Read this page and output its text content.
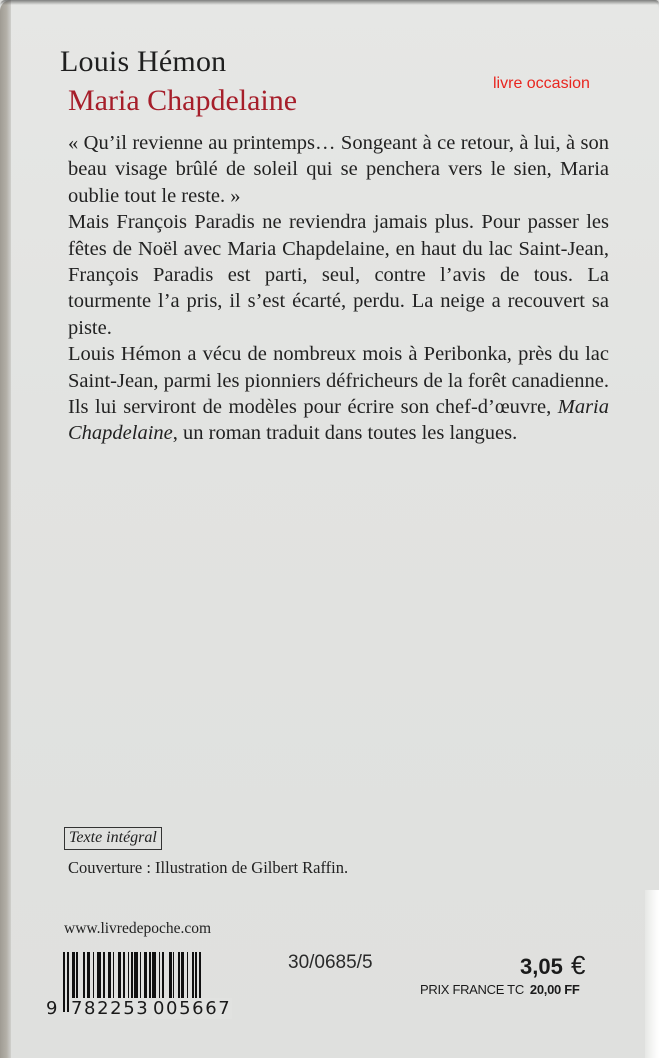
Louis Hémon
Maria Chapdelaine
livre occasion

« Qu’il revienne au printemps… Songeant à ce retour, à lui, à son beau visage brûlé de soleil qui se penchera vers le sien, Maria oublie tout le reste. »

Mais François Paradis ne reviendra jamais plus. Pour passer les fêtes de Noël avec Maria Chapdelaine, en haut du lac Saint-Jean, François Paradis est parti, seul, contre l’avis de tous. La tourmente l’a pris, il s’est écarté, perdu. La neige a recouvert sa piste.

Louis Hémon a vécu de nombreux mois à Peribonka, près du lac Saint-Jean, parmi les pionniers défricheurs de la forêt canadienne. Ils lui serviront de modèles pour écrire son chef-d’œuvre, Maria Chapdelaine, un roman traduit dans toutes les langues.

Texte intégral
Couverture : Illustration de Gilbert Raffin.
www.livredepoche.com
9 782253 005667
30/0685/5	3,05 €
PRIX FRANCE TC 20,00 FF
